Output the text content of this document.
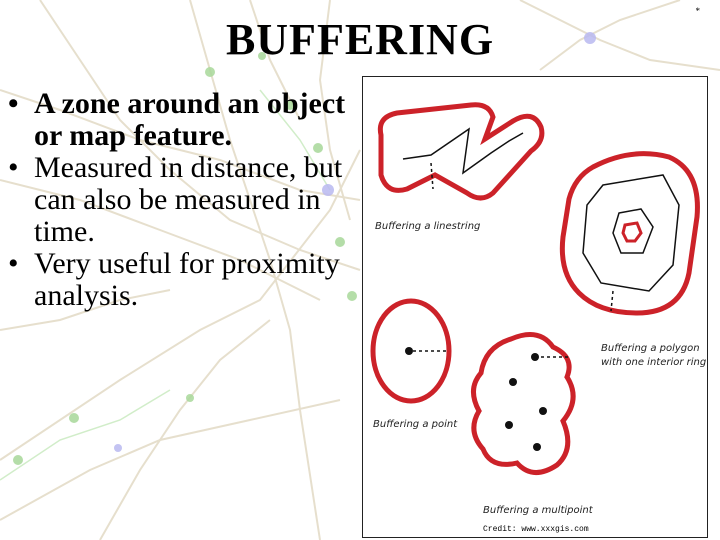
BUFFERING
*
• A zone around an object or map feature.
• Measured in distance, but can also be measured in time.
• Very useful for proximity analysis.
Buffering a linestring
Buffering a polygon
with one interior ring
Buffering a point
Buffering a multipoint
Credit: www.xxxgis.com
